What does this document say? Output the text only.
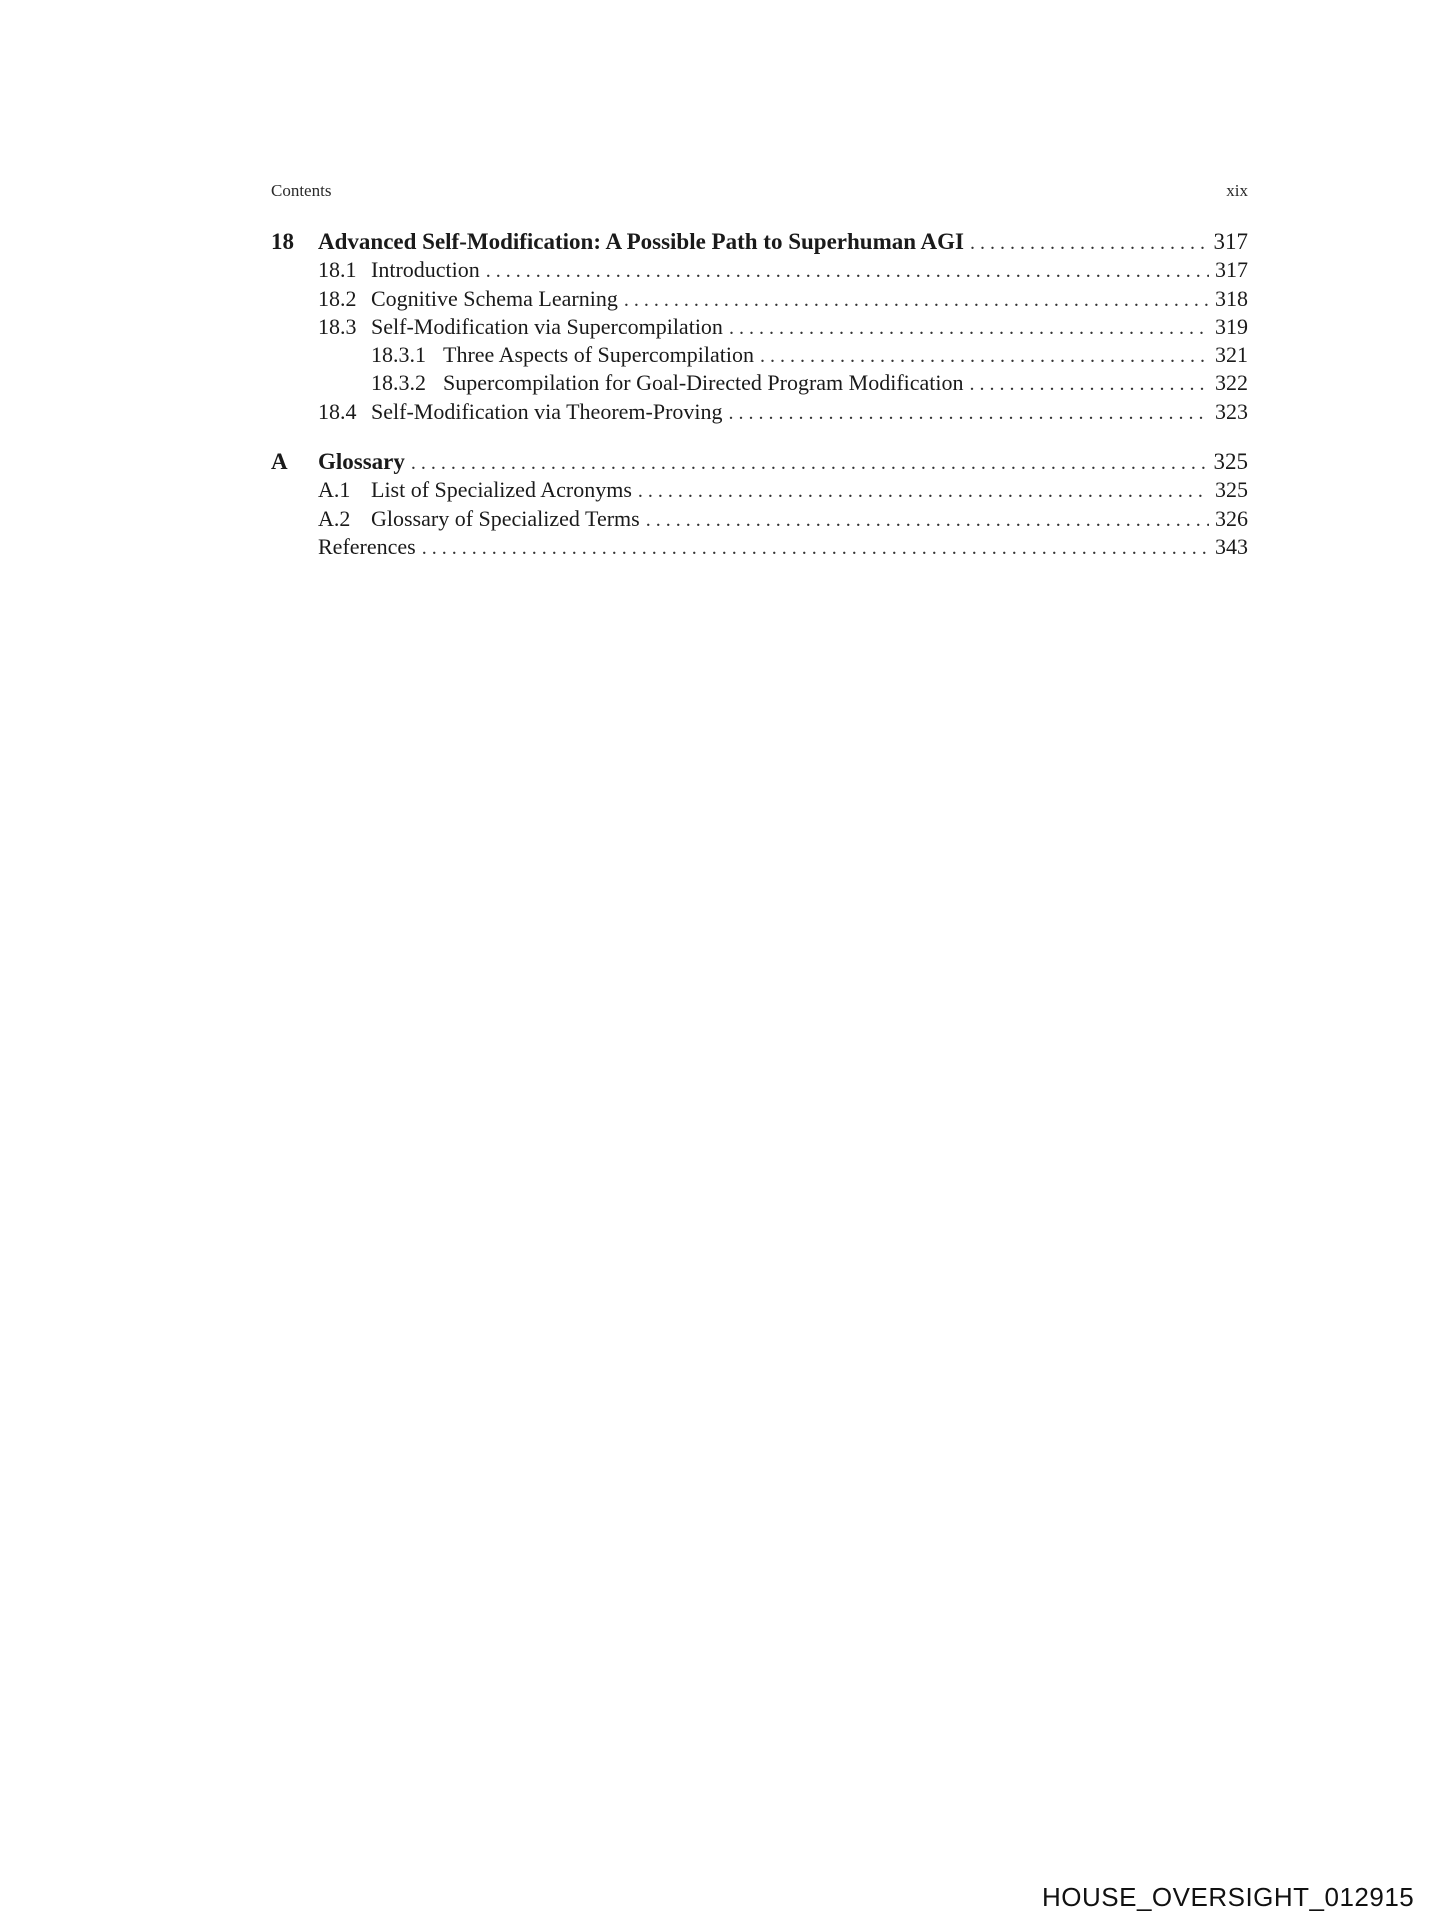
Contents	xix
18	Advanced Self-Modification: A Possible Path to Superhuman AGI . . .	317
18.1 Introduction . . .	317
18.2 Cognitive Schema Learning . . .	318
18.3 Self-Modification via Supercompilation . . .	319
18.3.1 Three Aspects of Supercompilation . . .	321
18.3.2 Supercompilation for Goal-Directed Program Modification . . .	322
18.4 Self-Modification via Theorem-Proving . . .	323
A	Glossary . . .	325
A.1 List of Specialized Acronyms . . .	325
A.2 Glossary of Specialized Terms . . .	326
References . . .	343
HOUSE_OVERSIGHT_012915
